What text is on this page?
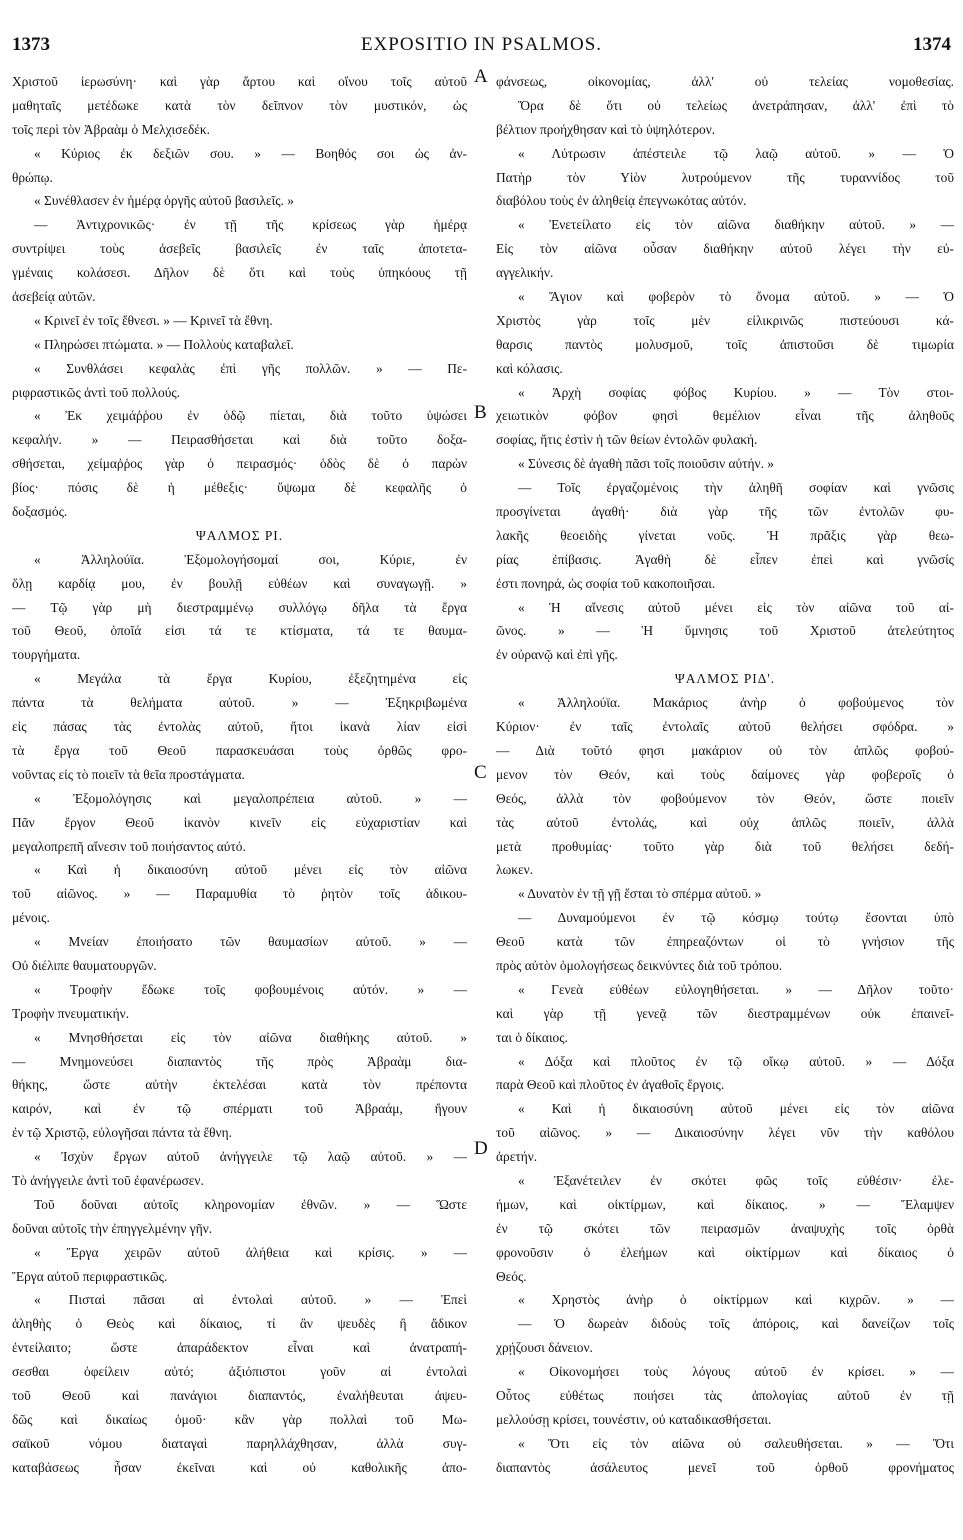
1373	EXPOSITIO IN PSALMOS.	1374
Χριστοῦ ἱερωσύνη· καὶ γὰρ ἄρτου καὶ οἴνου τοῖς αὐτοῦ
μαθηταῖς μετέδωκε κατὰ τὸν δεῖπνον τὸν μυστικόν, ὡς
τοῖς περὶ τὸν Ἀβραὰμ ὁ Μελχισεδέκ.
« Κύριος ἐκ δεξιῶν σου. » — Βοηθός σοι ὡς ἀν-
θρώπῳ.
« Συνέθλασεν ἐν ἡμέρᾳ ὀργῆς αὐτοῦ βασιλεῖς. »
— Ἀντιχρονικῶς· ἐν τῇ τῆς κρίσεως γὰρ ἡμέρᾳ
συντρίψει τοὺς ἀσεβεῖς βασιλεῖς ἐν ταῖς ἀποτετα-
γμέναις κολάσεσι. Δῆλον δὲ ὅτι καὶ τοὺς ὑπηκόους τῇ
ἀσεβείᾳ αὐτῶν.
« Κρινεῖ ἐν τοῖς ἔθνεσι. » — Κρινεῖ τὰ ἔθνη.
« Πληρώσει πτώματα. » — Πολλοὺς καταβαλεῖ.
« Συνθλάσει κεφαλὰς ἐπὶ γῆς πολλῶν. » — Πε-
ριφραστικῶς ἀντὶ τοῦ πολλούς.
« Ἐκ χειμάῤῥου ἐν ὁδῷ πίεται, διὰ τοῦτο ὑψώσει
κεφαλήν. » — Πειρασθήσεται καὶ διὰ τοῦτο δοξα-
σθήσεται, χείμαῤῥος γὰρ ὁ πειρασμός· ὁδὸς δὲ ὁ παρὼν
βίος· πόσις δὲ ἡ μέθεξις· ὕψωμα δὲ κεφαλῆς ὁ
δοξασμός.
ΨΑΛΜΟΣ ΡΙ.
« Ἀλληλούϊα. Ἐξομολογήσομαί σοι, Κύριε, ἐν
ὅλῃ καρδίᾳ μου, ἐν βουλῇ εὐθέων καὶ συναγωγῇ. »
— Τῷ γὰρ μὴ διεστραμμένῳ συλλόγῳ δῆλα τὰ ἔργα
τοῦ Θεοῦ, ὁποῖά εἰσι τά τε κτίσματα, τά τε θαυμα-
τουργήματα.
« Μεγάλα τὰ ἔργα Κυρίου, ἐξεζητημένα εἰς
πάντα τὰ θελήματα αὐτοῦ. » — Ἐξηκριβωμένα
εἰς πάσας τὰς ἐντολὰς αὐτοῦ, ἤτοι ἱκανὰ λίαν εἰσὶ
τὰ ἔργα τοῦ Θεοῦ παρασκευάσαι τοὺς ὀρθῶς φρο-
νοῦντας εἰς τὸ ποιεῖν τὰ θεῖα προστάγματα.
« Ἐξομολόγησις καὶ μεγαλοπρέπεια αὐτοῦ. » —
Πᾶν ἔργον Θεοῦ ἱκανὸν κινεῖν εἰς εὐχαριστίαν καὶ
μεγαλοπρεπῆ αἴνεσιν τοῦ ποιήσαντος αὐτό.
« Καὶ ἡ δικαιοσύνη αὐτοῦ μένει εἰς τὸν αἰῶνα
τοῦ αἰῶνος. » — Παραμυθία τὸ ῥητὸν τοῖς ἀδικου-
μένοις.
« Μνείαν ἐποιήσατο τῶν θαυμασίων αὐτοῦ. » —
Οὐ διέλιπε θαυματουργῶν.
« Τροφὴν ἔδωκε τοῖς φοβουμένοις αὐτόν. » —
Τροφὴν πνευματικήν.
« Μνησθήσεται εἰς τὸν αἰῶνα διαθήκης αὐτοῦ. »
— Μνημονεύσει διαπαντὸς τῆς πρὸς Ἀβραὰμ δια-
θήκης, ὥστε αὐτὴν ἐκτελέσαι κατὰ τὸν πρέποντα
καιρόν, καὶ ἐν τῷ σπέρματι τοῦ Ἀβραάμ, ἤγουν
ἐν τῷ Χριστῷ, εὐλογῆσαι πάντα τὰ ἔθνη.
« Ἰσχὺν ἔργων αὐτοῦ ἀνήγγειλε τῷ λαῷ αὐτοῦ. » —
Τὸ ἀνήγγειλε ἀντὶ τοῦ ἐφανέρωσεν.
Τοῦ δοῦναι αὐτοῖς κληρονομίαν ἐθνῶν. » — Ὥστε
δοῦναι αὐτοῖς τὴν ἐπηγγελμένην γῆν.
« Ἔργα χειρῶν αὐτοῦ ἀλήθεια καὶ κρίσις. » —
Ἔργα αὐτοῦ περιφραστικῶς.
« Πισταὶ πᾶσαι αἱ ἐντολαὶ αὐτοῦ. » — Ἐπεὶ
ἀληθὴς ὁ Θεὸς καὶ δίκαιος, τί ἂν ψευδὲς ἢ ἄδικον
ἐντείλαιτο; ὥστε ἀπαράδεκτον εἶναι καὶ ἀνατραπή-
σεσθαι ὀφείλειν αὐτό; ἀξιόπιστοι γοῦν αἱ ἐντολαὶ
τοῦ Θεοῦ καὶ πανάγιοι διαπαντός, ἐναλήθευται ἀψευ-
δῶς καὶ δικαίως ὁμοῦ· κἂν γὰρ πολλαὶ τοῦ Μω-
σαϊκοῦ νόμου διαταγαὶ παρηλλάχθησαν, ἀλλὰ συγ-
καταβάσεως ἦσαν ἐκεῖναι καὶ οὐ καθολικῆς ἀπο-
φάνσεως, οἰκονομίας, ἀλλ' οὐ τελείας νομοθεσίας.
Ὅρα δὲ ὅτι οὐ τελείως ἀνετράπησαν, ἀλλ' ἐπὶ τὸ
βέλτιον προήχθησαν καὶ τὸ ὑψηλότερον.
« Λύτρωσιν ἀπέστειλε τῷ λαῷ αὐτοῦ. » — Ὁ
Πατὴρ τὸν Υἱὸν λυτρούμενον τῆς τυραννίδος τοῦ
διαβόλου τοὺς ἐν ἀληθείᾳ ἐπεγνωκότας αὐτόν.
« Ἐνετείλατο εἰς τὸν αἰῶνα διαθήκην αὐτοῦ. » —
Εἰς τὸν αἰῶνα οὖσαν διαθήκην αὐτοῦ λέγει τὴν εὐ-
αγγελικήν.
« Ἅγιον καὶ φοβερὸν τὸ ὄνομα αὐτοῦ. » — Ὁ
Χριστὸς γὰρ τοῖς μὲν εἰλικρινῶς πιστεύουσι κά-
θαρσις παντὸς μολυσμοῦ, τοῖς ἀπιστοῦσι δὲ τιμωρία
καὶ κόλασις.
« Ἀρχὴ σοφίας φόβος Κυρίου. » — Τὸν στοι-
χειωτικὸν φόβον φησὶ θεμέλιον εἶναι τῆς ἀληθοῦς
σοφίας, ἥτις ἐστὶν ἡ τῶν θείων ἐντολῶν φυλακή.
« Σύνεσις δὲ ἀγαθὴ πᾶσι τοῖς ποιοῦσιν αὐτήν. »
— Τοῖς ἐργαζομένοις τὴν ἀληθῆ σοφίαν καὶ γνῶσις
προσγίνεται ἀγαθή· διὰ γὰρ τῆς τῶν ἐντολῶν φυ-
λακῆς θεοειδὴς γίνεται νοῦς. Ἡ πρᾶξις γὰρ θεω-
ρίας ἐπίβασις. Ἀγαθὴ δὲ εἶπεν ἐπεὶ καὶ γνῶσίς
ἐστι πονηρά, ὡς σοφία τοῦ κακοποιῆσαι.
« Ἡ αἴνεσις αὐτοῦ μένει εἰς τὸν αἰῶνα τοῦ αἰ-
ῶνος. » — Ἡ ὕμνησις τοῦ Χριστοῦ ἀτελεύτητος
ἐν οὐρανῷ καὶ ἐπὶ γῆς.
ΨΑΛΜΟΣ ΡΙΔ'.
« Ἀλληλούϊα. Μακάριος ἀνὴρ ὁ φοβούμενος τὸν
Κύριον· ἐν ταῖς ἐντολαῖς αὐτοῦ θελήσει σφόδρα. »
— Διὰ τοῦτό φησι μακάριον οὐ τὸν ἁπλῶς φοβού-
μενον τὸν Θεόν, καὶ τοὺς δαίμονες γὰρ φοβεροῖς ὁ
Θεός, ἀλλὰ τὸν φοβούμενον τὸν Θεόν, ὥστε ποιεῖν
τὰς αὐτοῦ ἐντολάς, καὶ οὐχ ἁπλῶς ποιεῖν, ἀλλὰ
μετὰ προθυμίας· τοῦτο γὰρ διὰ τοῦ θελήσει δεδή-
λωκεν.
« Δυνατὸν ἐν τῇ γῇ ἔσται τὸ σπέρμα αὐτοῦ. »
— Δυναμούμενοι ἐν τῷ κόσμῳ τούτῳ ἔσονται ὑπὸ
Θεοῦ κατὰ τῶν ἐπηρεαζόντων οἱ τὸ γνήσιον τῆς
πρὸς αὐτὸν ὁμολογήσεως δεικνύντες διὰ τοῦ τρόπου.
« Γενεὰ εὐθέων εὐλογηθήσεται. » — Δῆλον τοῦτο·
καὶ γὰρ τῇ γενεᾷ τῶν διεστραμμένων οὐκ ἐπαινεῖ-
ται ὁ δίκαιος.
« Δόξα καὶ πλοῦτος ἐν τῷ οἴκῳ αὐτοῦ. » — Δόξα
παρὰ Θεοῦ καὶ πλοῦτος ἐν ἀγαθοῖς ἔργοις.
« Καὶ ἡ δικαιοσύνη αὐτοῦ μένει εἰς τὸν αἰῶνα
τοῦ αἰῶνος. » — Δικαιοσύνην λέγει νῦν τὴν καθόλου
ἀρετήν.
« Ἐξανέτειλεν ἐν σκότει φῶς τοῖς εὐθέσιν· ἐλε-
ήμων, καὶ οἰκτίρμων, καὶ δίκαιος. » — Ἔλαμψεν
ἐν τῷ σκότει τῶν πειρασμῶν ἀναψυχὴς τοῖς ὀρθὰ
φρονοῦσιν ὁ ἐλεήμων καὶ οἰκτίρμων καὶ δίκαιος ὁ
Θεός.
« Χρηστὸς ἀνὴρ ὁ οἰκτίρμων καὶ κιχρῶν. » —
— Ὁ δωρεὰν διδοὺς τοῖς ἀπόροις, καὶ δανείζων τοῖς
χρῄζουσι δάνειον.
« Οἰκονομήσει τοὺς λόγους αὐτοῦ ἐν κρίσει. » —
Οὗτος εὐθέτως ποιήσει τὰς ἀπολογίας αὐτοῦ ἐν τῇ
μελλούσῃ κρίσει, τουνέστιν, οὐ καταδικασθήσεται.
« Ὅτι εἰς τὸν αἰῶνα οὐ σαλευθήσεται. » — Ὅτι
διαπαντὸς ἀσάλευτος μενεῖ τοῦ ὀρθοῦ φρονήματος
A
B
C
D
